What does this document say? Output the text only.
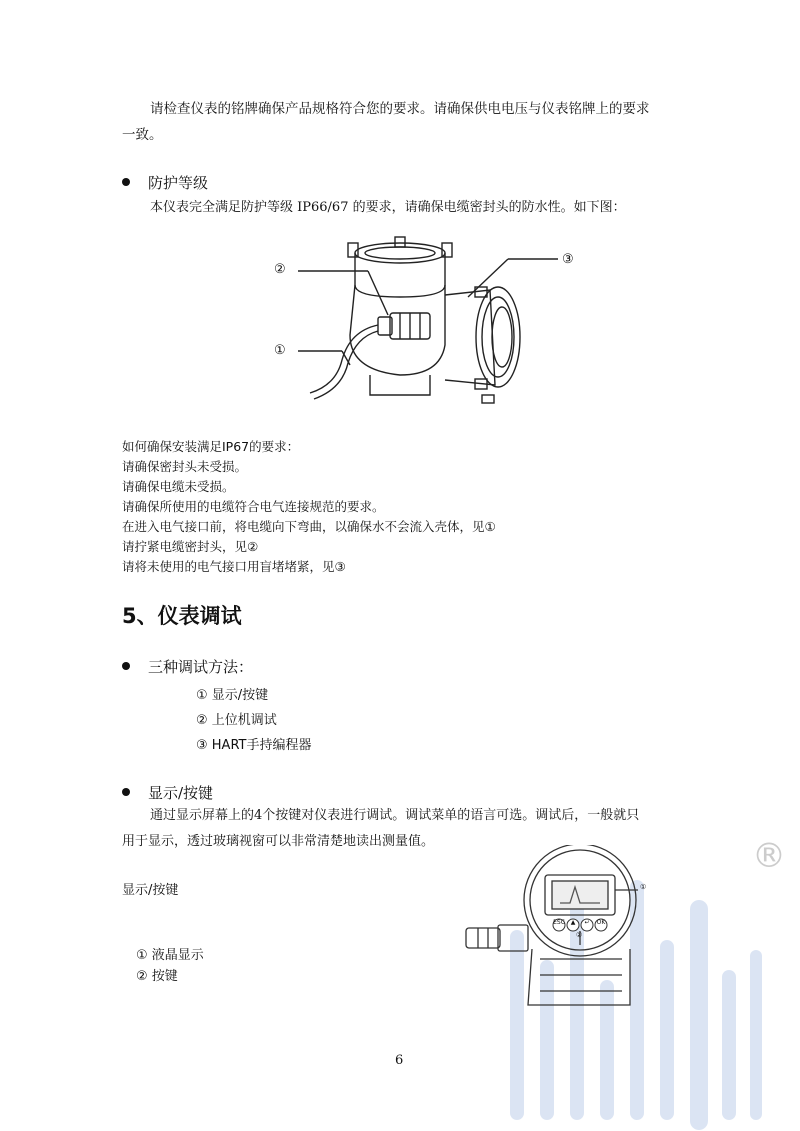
请检查仪表的铭牌确保产品规格符合您的要求。请确保供电电压与仪表铭牌上的要求
一致。
防护等级
本仪表完全满足防护等级 IP66/67 的要求，请确保电缆密封头的防水性。如下图：
②
①
③
如何确保安装满足IP67的要求：
请确保密封头未受损。
请确保电缆未受损。
请确保所使用的电缆符合电气连接规范的要求。
在进入电气接口前，将电缆向下弯曲，以确保水不会流入壳体，见①
请拧紧电缆密封头，见②
请将未使用的电气接口用盲堵堵紧，见③
5、仪表调试
三种调试方法：
① 显示/按键
② 上位机调试
③ HART手持编程器
显示/按键
通过显示屏幕上的4个按键对仪表进行调试。调试菜单的语言可选。调试后，一般就只
用于显示，透过玻璃视窗可以非常清楚地读出测量值。
显示/按键
① 液晶显示
② 按键
®
ESC ▲	↵	OK
①
②
6
